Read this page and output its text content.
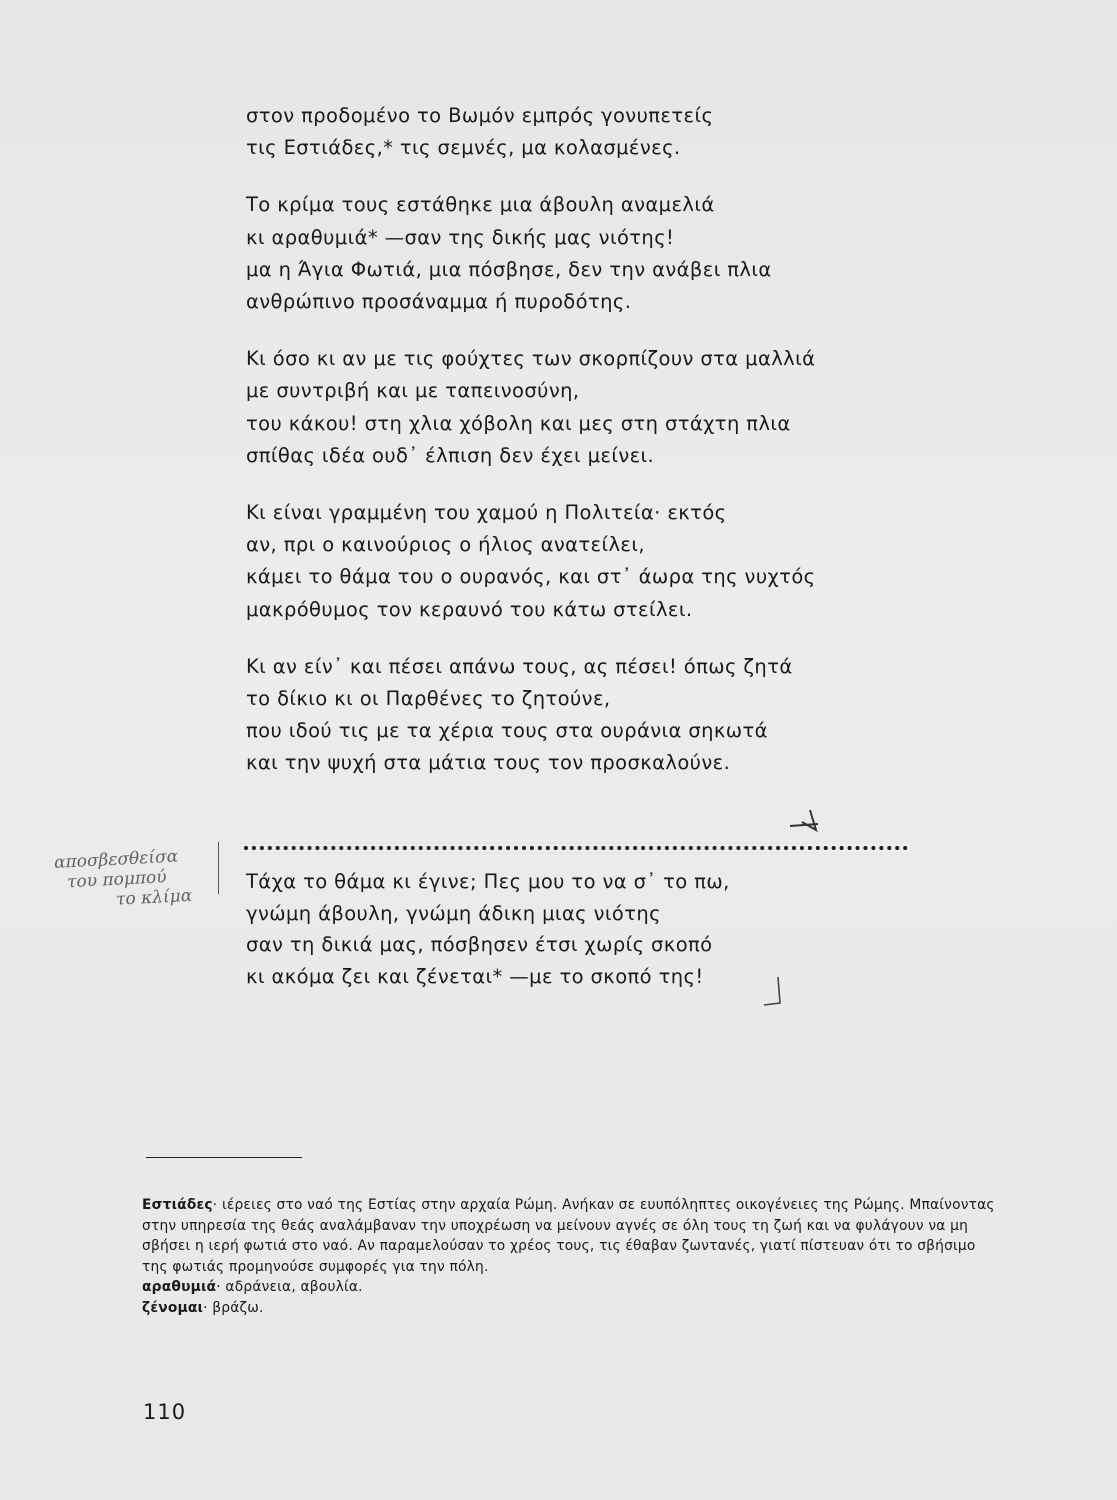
στον προδομένο το Βωμόν εμπρός γονυπετείς
τις Εστιάδες,* τις σεμνές, μα κολασμένες.
Το κρίμα τους εστάθηκε μια άβουλη αναμελιά
κι αραθυμιά* —σαν της δικής μας νιότης!
μα η Άγια Φωτιά, μια πόσβησε, δεν την ανάβει πλια
ανθρώπινο προσάναμμα ή πυροδότης.
Κι όσο κι αν με τις φούχτες των σκορπίζουν στα μαλλιά
με συντριβή και με ταπεινοσύνη,
του κάκου! στη χλια χόβολη και μες στη στάχτη πλια
σπίθας ιδέα ουδ᾽ έλπιση δεν έχει μείνει.
Κι είναι γραμμένη του χαμού η Πολιτεία· εκτός
αν, πρι ο καινούριος ο ήλιος ανατείλει,
κάμει το θάμα του ο ουρανός, και στ᾽ άωρα της νυχτός
μακρόθυμος τον κεραυνό του κάτω στείλει.
Κι αν είν᾽ και πέσει απάνω τους, ας πέσει! όπως ζητά
το δίκιο κι οι Παρθένες το ζητούνε,
που ιδού τις με τα χέρια τους στα ουράνια σηκωτά
και την ψυχή στα μάτια τους τον προσκαλούνε.
Τάχα το θάμα κι έγινε; Πες μου το να σ᾽ το πω,
γνώμη άβουλη, γνώμη άδικη μιας νιότης
σαν τη δικιά μας, πόσβησεν έτσι χωρίς σκοπό
κι ακόμα ζει και ζένεται* —με το σκοπό της!
αποσβεσθείσα
του πομπού
το κλίμα

Εστιάδες· ιέρειες στο ναό της Εστίας στην αρχαία Ρώμη. Ανήκαν σε ευυπόληπτες οικογένειες της Ρώμης. Μπαίνοντας στην υπηρεσία της θεάς αναλάμβαναν την υποχρέωση να μείνουν αγνές σε όλη τους τη ζωή και να φυλάγουν να μη σβήσει η ιερή φωτιά στο ναό. Αν παραμελούσαν το χρέος τους, τις έθαβαν ζωντανές, γιατί πίστευαν ότι το σβήσιμο της φωτιάς προμηνούσε συμφορές για την πόλη.

αραθυμιά· αδράνεια, αβουλία.

ζένομαι· βράζω.

110
